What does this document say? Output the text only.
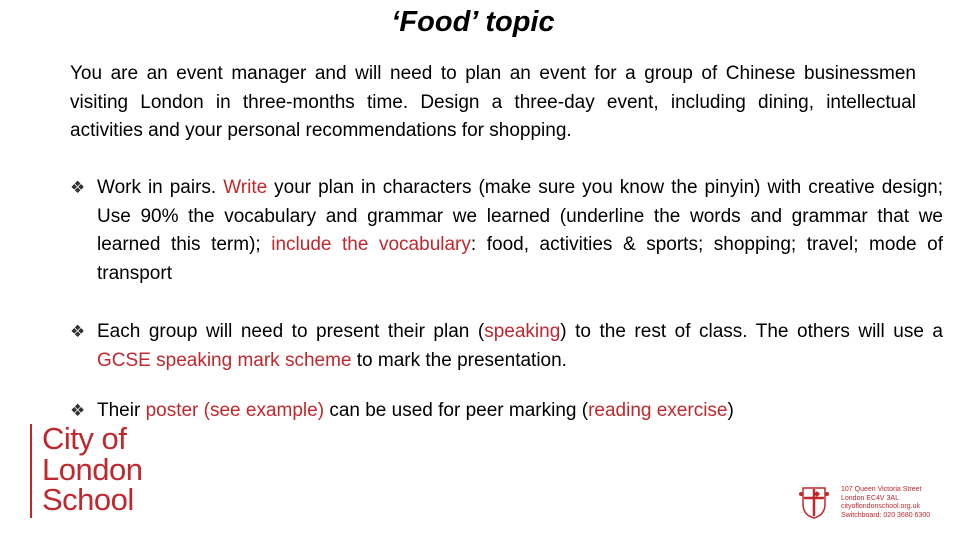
‘Food’ topic
You are an event manager and will need to plan an event for a group of Chinese businessmen visiting London in three-months time. Design a three-day event, including dining, intellectual activities and your personal recommendations for shopping.
❖ Work in pairs. Write your plan in characters (make sure you know the pinyin) with creative design; Use 90% the vocabulary and grammar we learned (underline the words and grammar that we learned this term); include the vocabulary: food, activities & sports; shopping; travel; mode of transport
❖ Each group will need to present their plan (speaking) to the rest of class. The others will use a GCSE speaking mark scheme to mark the presentation.
❖ Their poster (see example) can be used for peer marking (reading exercise)
City of
London
School	107 Queen Victoria Street
London EC4V 3AL
cityoflondonschool.org.uk
Switchboard: 020 3680 6300
